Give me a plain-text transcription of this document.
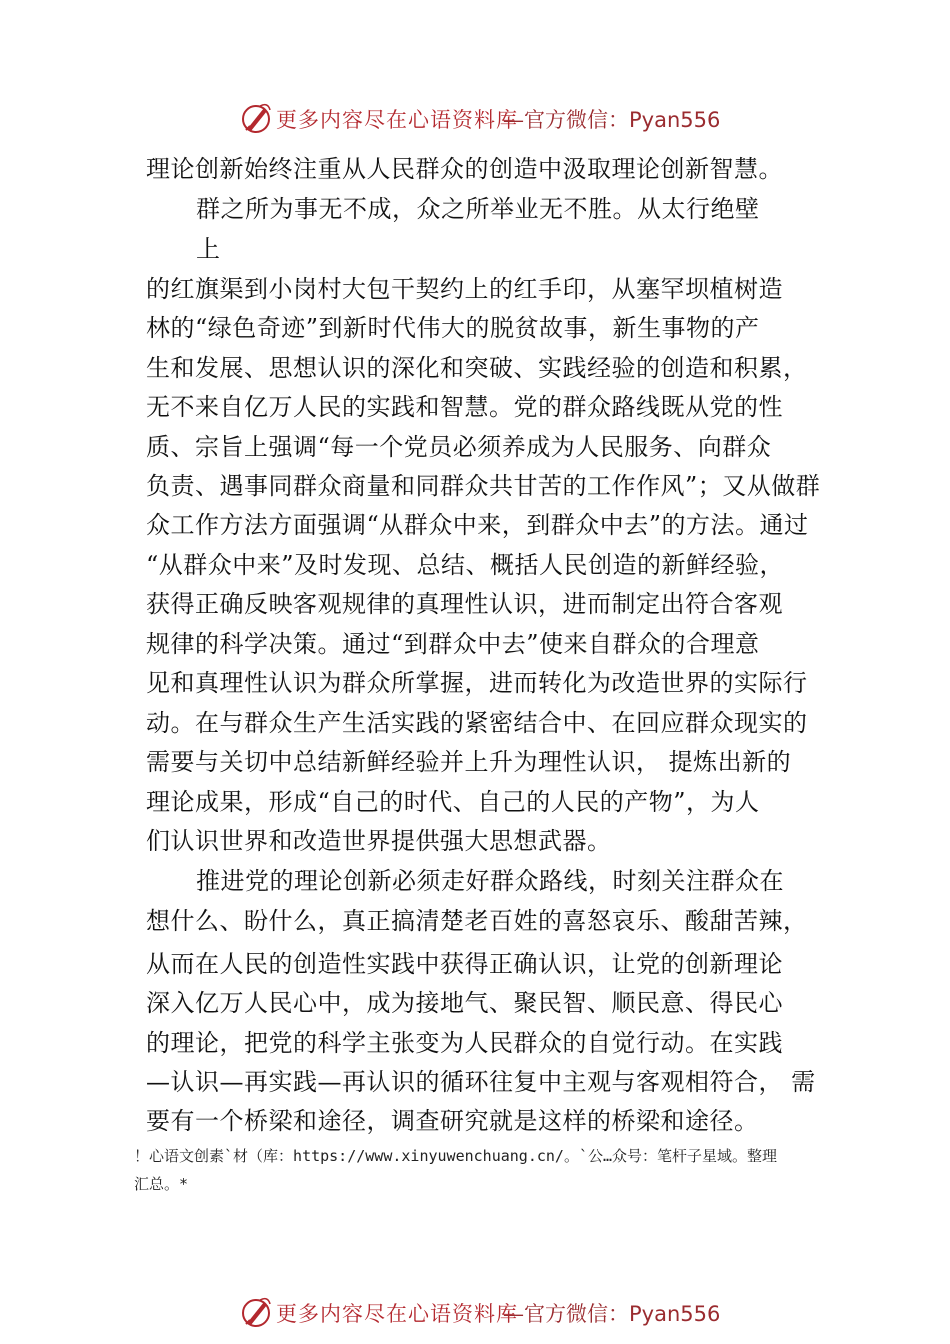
更多内容尽在心语资料库
—官方微信：Pyan556
理论创新始终注重从人民群众的创造中汲取理论创新智慧。
群之所为事无不成，众之所举业无不胜。从太行绝壁
上
的红旗渠到小岗村大包干契约上的红手印，从塞罕坝植树造
林的“绿色奇迹”到新时代伟大的脱贫故事，新生事物的产
生和发展、思想认识的深化和突破、实践经验的创造和积累，
无不来自亿万人民的实践和智慧。党的群众路线既从党的性
质、宗旨上强调“每一个党员必须养成为人民服务、向群众
负责、遇事同群众商量和同群众共甘苦的工作作风”；又从做群
众工作方法方面强调“从群众中来，到群众中去”的方法。通过
“从群众中来”及时发现、总结、概括人民创造的新鲜经验，
获得正确反映客观规律的真理性认识，进而制定出符合客观
规律的科学决策。通过“到群众中去”使来自群众的合理意
见和真理性认识为群众所掌握，进而转化为改造世界的实际行
动。在与群众生产生活实践的紧密结合中、在回应群众现实的
需要与关切中总结新鲜经验并上升为理性认识， 提炼出新的
理论成果，形成“自己的时代、自己的人民的产物”，为人
们认识世界和改造世界提供强大思想武器。
推进党的理论创新必须走好群众路线，时刻关注群众在
想什么、盼什么，真正搞清楚老百姓的喜怒哀乐、酸甜苦辣，
从而在人民的创造性实践中获得正确认识，让党的创新理论
深入亿万人民心中，成为接地气、聚民智、顺民意、得民心
的理论，把党的科学主张变为人民群众的自觉行动。在实践
—认识—再实践—再认识的循环往复中主观与客观相符合， 需
要有一个桥梁和途径，调查研究就是这样的桥梁和途径。
！心语文创素`材（库：https://www.xinyuwenchuang.cn/。`公…众号：笔杆子星域。整理
汇总。*
更多内容尽在心语资料库
—官方微信：Pyan556
